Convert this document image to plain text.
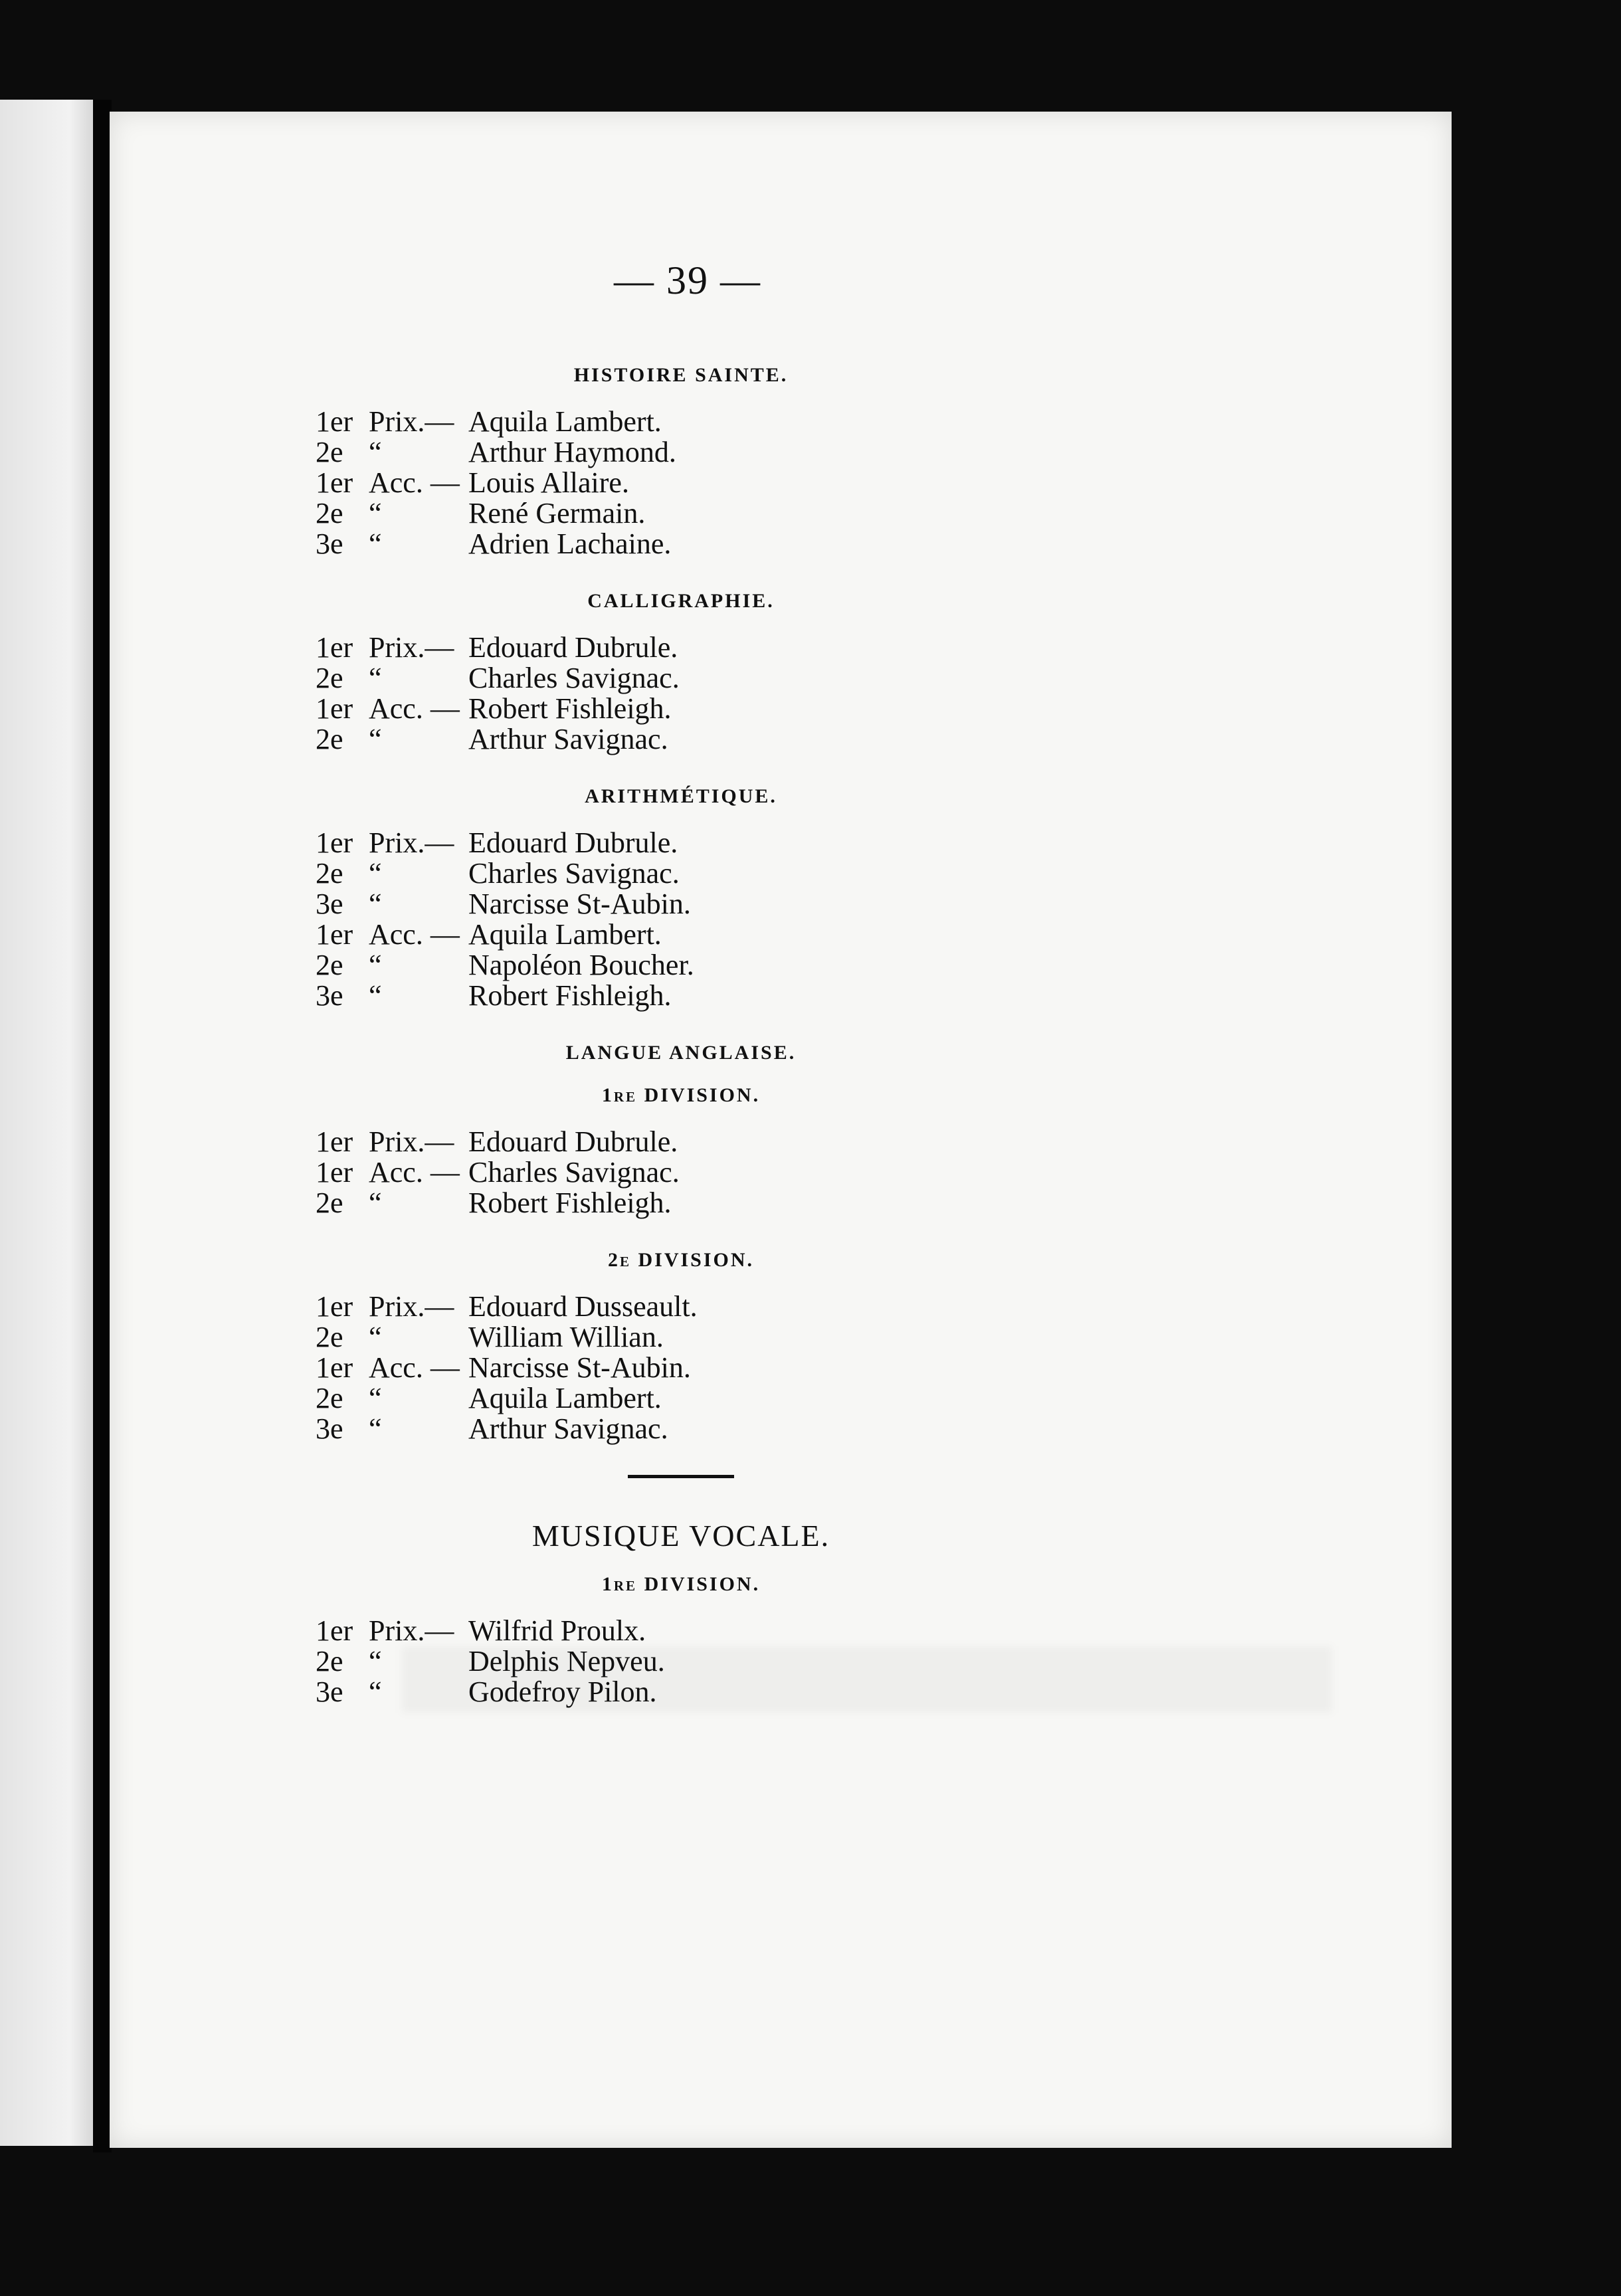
— 39 —

HISTOIRE SAINTE.

1er Prix.— Aquila Lambert.
2e “	Arthur Haymond.
1er Acc. — Louis Allaire.
2e “	René Germain.
3e “	Adrien Lachaine.

CALLIGRAPHIE.

1er Prix.— Edouard Dubrule.
2e “	Charles Savignac.
1er Acc. — Robert Fishleigh.
2e “	Arthur Savignac.

ARITHMÉTIQUE.

1er Prix.— Edouard Dubrule.
2e “	Charles Savignac.
3e “	Narcisse St-Aubin.
1er Acc. — Aquila Lambert.
2e “	Napoléon Boucher.
3e “	Robert Fishleigh.

LANGUE ANGLAISE.

1re DIVISION.

1er Prix.— Edouard Dubrule.
1er Acc. — Charles Savignac.
2e “	Robert Fishleigh.

2e DIVISION.

1er Prix.— Edouard Dusseault.
2e “	William Willian.
1er Acc. — Narcisse St-Aubin.
2e “	Aquila Lambert.
3e “	Arthur Savignac.

MUSIQUE VOCALE.

1re DIVISION.

1er Prix.— Wilfrid Proulx.
2e “	Delphis Nepveu.
3e “	Godefroy Pilon.
